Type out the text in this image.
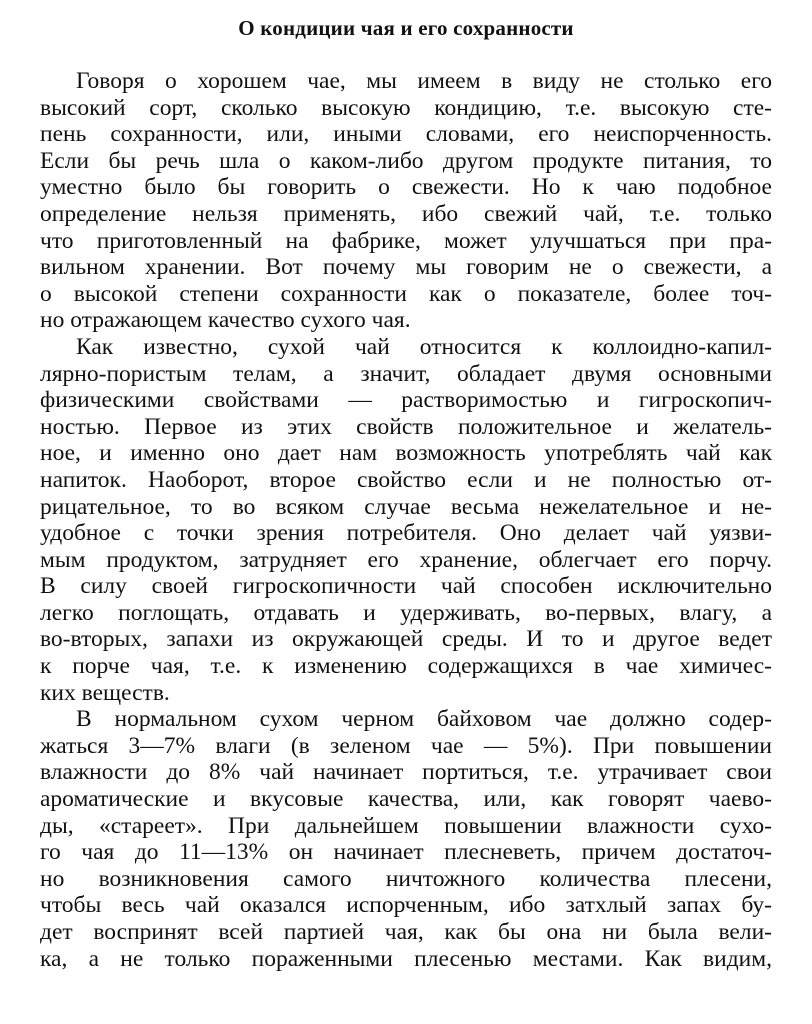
О кондиции чая и его сохранности
Говоря о хорошем чае, мы имеем в виду не столько его
высокий сорт, сколько высокую кондицию, т.е. высокую сте-
пень сохранности, или, иными словами, его неиспорченность.
Если бы речь шла о каком-либо другом продукте питания, то
уместно было бы говорить о свежести. Но к чаю подобное
определение нельзя применять, ибо свежий чай, т.е. только
что приготовленный на фабрике, может улучшаться при пра-
вильном хранении. Вот почему мы говорим не о свежести, а
о высокой степени сохранности как о показателе, более точ-
но отражающем качество сухого чая.
Как известно, сухой чай относится к коллоидно-капил-
лярно-пористым телам, а значит, обладает двумя основными
физическими свойствами — растворимостью и гигроскопич-
ностью. Первое из этих свойств положительное и желатель-
ное, и именно оно дает нам возможность употреблять чай как
напиток. Наоборот, второе свойство если и не полностью от-
рицательное, то во всяком случае весьма нежелательное и не-
удобное с точки зрения потребителя. Оно делает чай уязви-
мым продуктом, затрудняет его хранение, облегчает его порчу.
В силу своей гигроскопичности чай способен исключительно
легко поглощать, отдавать и удерживать, во-первых, влагу, а
во-вторых, запахи из окружающей среды. И то и другое ведет
к порче чая, т.е. к изменению содержащихся в чае химичес-
ких веществ.
В нормальном сухом черном байховом чае должно содер-
жаться 3—7% влаги (в зеленом чае — 5%). При повышении
влажности до 8% чай начинает портиться, т.е. утрачивает свои
ароматические и вкусовые качества, или, как говорят чаево-
ды, «стареет». При дальнейшем повышении влажности сухо-
го чая до 11—13% он начинает плесневеть, причем достаточ-
но возникновения самого ничтожного количества плесени,
чтобы весь чай оказался испорченным, ибо затхлый запах бу-
дет воспринят всей партией чая, как бы она ни была вели-
ка, а не только пораженными плесенью местами. Как видим,
